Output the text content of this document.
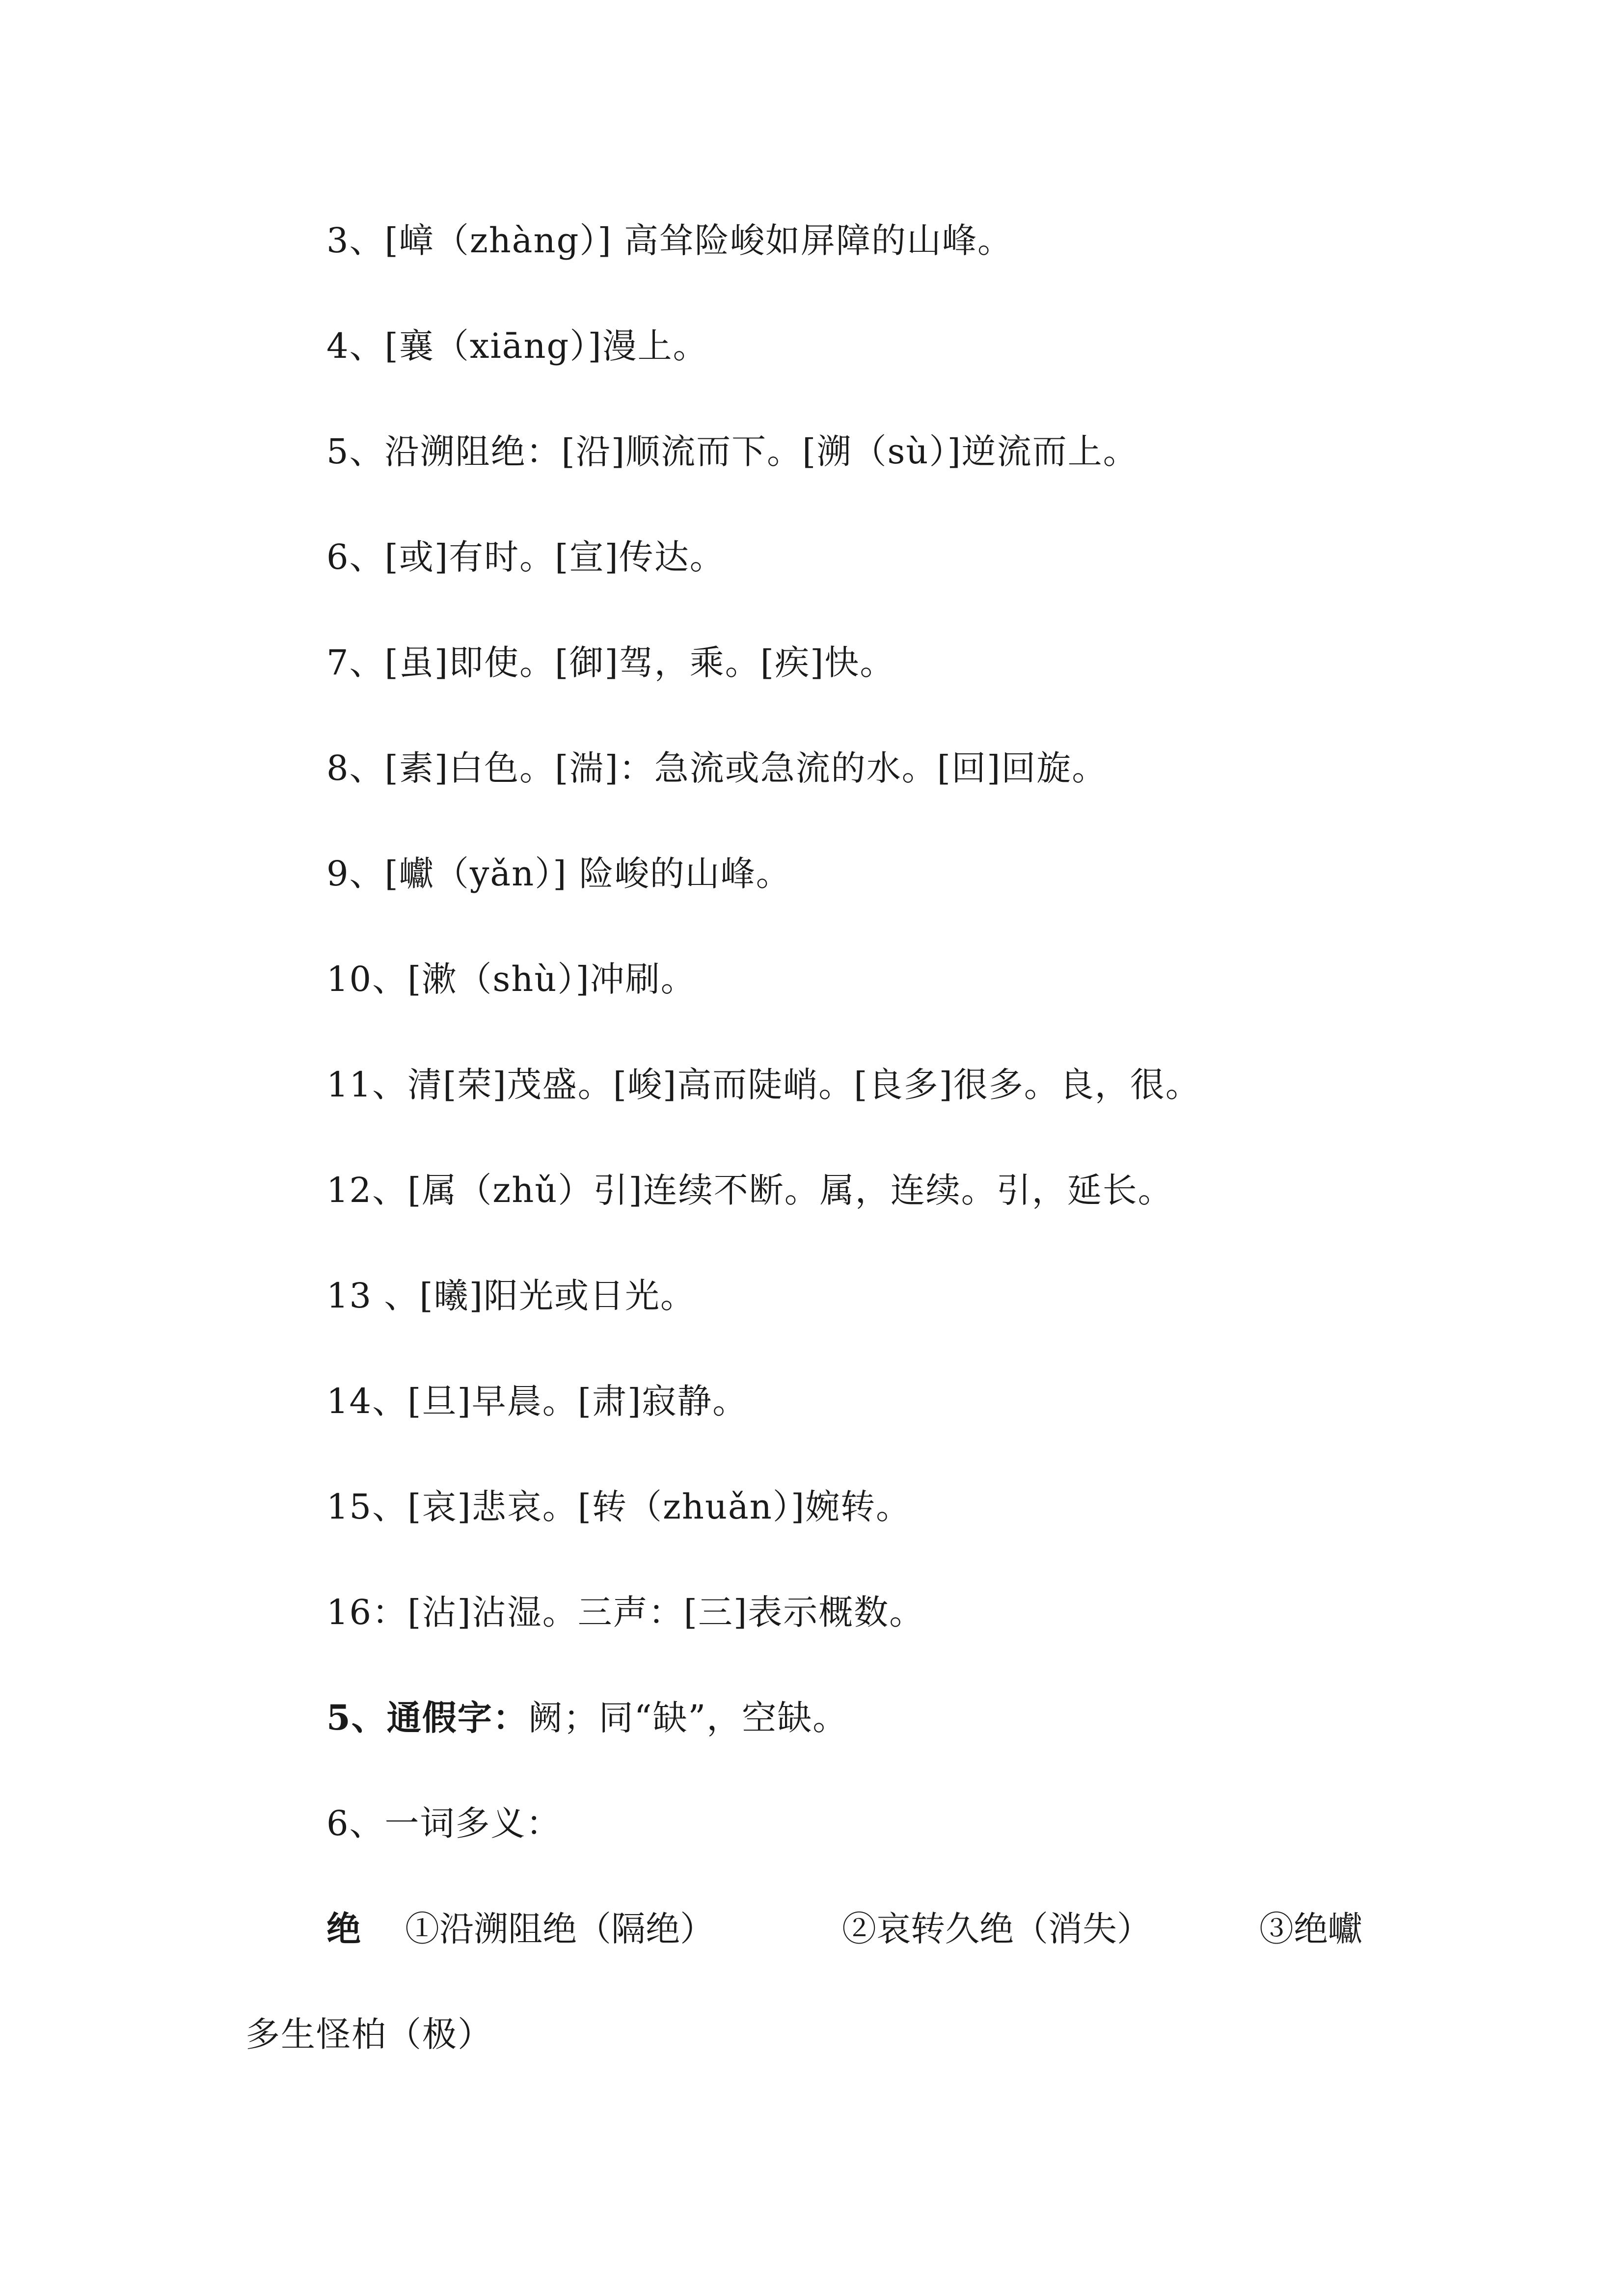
3、[嶂（zhàng）] 高耸险峻如屏障的山峰。
4、[襄（xiāng）]漫上。
5、沿溯阻绝：[沿]顺流而下。[溯（sù）]逆流而上。
6、[或]有时。[宣]传达。
7、[虽]即使。[御]驾，乘。[疾]快。
8、[素]白色。[湍]：急流或急流的水。[回]回旋。
9、[巘（yǎn）] 险峻的山峰。
10、[漱（shù）]冲刷。
11、清[荣]茂盛。[峻]高而陡峭。[良多]很多。良，很。
12、[属（zhǔ）引]连续不断。属，连续。引，延长。
13 、[曦]阳光或日光。
14、[旦]早晨。[肃]寂静。
15、[哀]悲哀。[转（zhuǎn）]婉转。
16：[沾]沾湿。三声：[三]表示概数。
5、通假字：阙；同“缺”，空缺。
6、一词多义：
绝 ①沿溯阻绝（隔绝）	②哀转久绝（消失）	③绝巘
多生怪柏（极）
